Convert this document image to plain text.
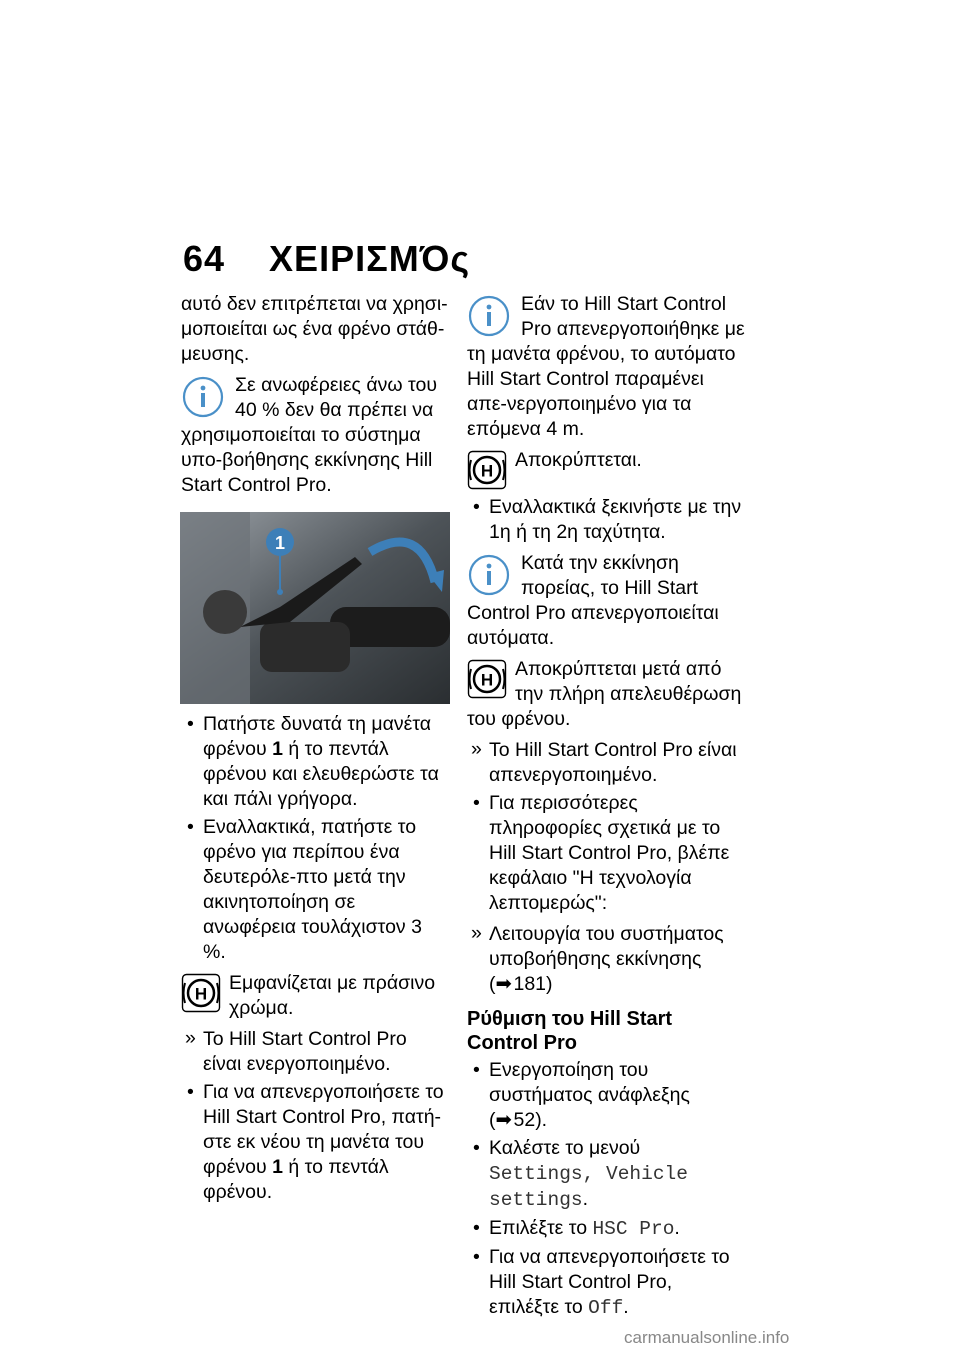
64 ΧΕΙΡΙΣΜΌς

αυτό δεν επιτρέπεται να χρησι-μοποιείται ως ένα φρένο στάθ-μευσης.

Σε ανωφέρειες άνω του 40 % δεν θα πρέπει να χρησιμοποιείται το σύστημα υπο-βοήθησης εκκίνησης Hill Start Control Pro.
1

• Πατήστε δυνατά τη μανέτα φρένου 1 ή το πεντάλ φρένου και ελευθερώστε τα και πάλι γρήγορα.

• Εναλλακτικά, πατήστε το φρένο για περίπου ένα δευτερόλε-πτο μετά την ακινητοποίηση σε ανωφέρεια τουλάχιστον 3 %.

H Εμφανίζεται με πράσινο χρώμα.

» Το Hill Start Control Pro είναι ενεργοποιημένο.

• Για να απενεργοποιήσετε το Hill Start Control Pro, πατή-στε εκ νέου τη μανέτα του φρένου 1 ή το πεντάλ φρένου.

Εάν το Hill Start Control Pro απενεργοποιήθηκε με τη μανέτα φρένου, το αυτόματο Hill Start Control παραμένει απε-νεργοποιημένο για τα επόμενα 4 m.
H Αποκρύπτεται.

• Εναλλακτικά ξεκινήστε με την 1η ή τη 2η ταχύτητα.

Κατά την εκκίνηση πορείας, το Hill Start Control Pro απενεργοποιείται αυτόματα.
H Αποκρύπτεται μετά από την πλήρη απελευθέρωση του φρένου.

» Το Hill Start Control Pro είναι απενεργοποιημένο.

• Για περισσότερες πληροφορίες σχετικά με το Hill Start Control Pro, βλέπε κεφάλαιο "Η τεχνολογία λεπτομερώς":

» Λειτουργία του συστήματος υποβοήθησης εκκίνησης
(➡ 181)

Ρύθμιση του Hill Start Control Pro

• Ενεργοποίηση του συστήματος ανάφλεξης (➡ 52).

• Καλέστε το μενού Settings, Vehicle settings.

• Επιλέξτε το HSC Pro.

• Για να απενεργοποιήσετε το Hill Start Control Pro, επιλέξτε το Off.

carmanualsonline.info
